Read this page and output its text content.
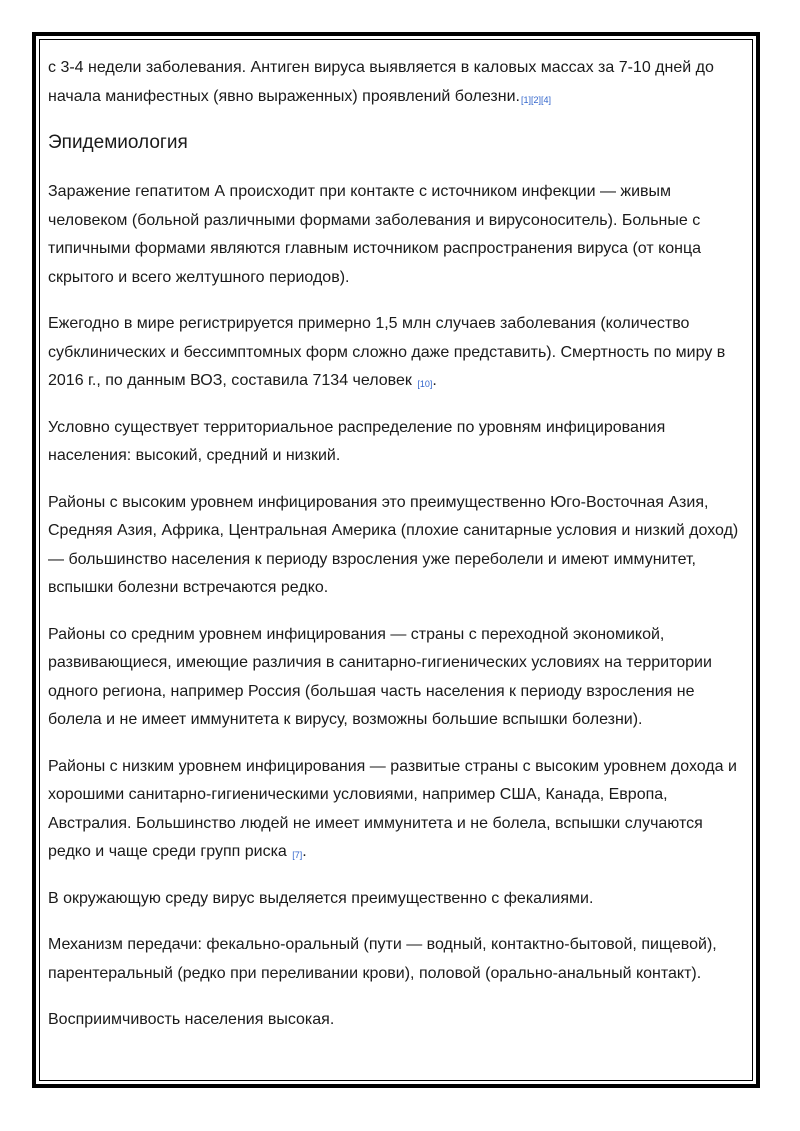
с 3-4 недели заболевания. Антиген вируса выявляется в каловых массах за 7-10 дней до начала манифестных (явно выраженных) проявлений болезни.[1][2][4]

Эпидемиология

Заражение гепатитом А происходит при контакте с источником инфекции — живым человеком (больной различными формами заболевания и вирусоноситель). Больные с типичными формами являются главным источником распространения вируса (от конца скрытого и всего желтушного периодов).

Ежегодно в мире регистрируется примерно 1,5 млн случаев заболевания (количество субклинических и бессимптомных форм сложно даже представить). Смертность по миру в 2016 г., по данным ВОЗ, составила 7134 человек [10].

Условно существует территориальное распределение по уровням инфицирования населения: высокий, средний и низкий.

Районы с высоким уровнем инфицирования это преимущественно Юго-Восточная Азия, Средняя Азия, Африка, Центральная Америка (плохие санитарные условия и низкий доход) — большинство населения к периоду взросления уже переболели и имеют иммунитет, вспышки болезни встречаются редко.

Районы со средним уровнем инфицирования — страны с переходной экономикой, развивающиеся, имеющие различия в санитарно-гигиенических условиях на территории одного региона, например Россия (большая часть населения к периоду взросления не болела и не имеет иммунитета к вирусу, возможны большие вспышки болезни).

Районы с низким уровнем инфицирования — развитые страны с высоким уровнем дохода и хорошими санитарно-гигиеническими условиями, например США, Канада, Европа, Австралия. Большинство людей не имеет иммунитета и не болела, вспышки случаются редко и чаще среди групп риска [7].

В окружающую среду вирус выделяется преимущественно с фекалиями.

Механизм передачи: фекально-оральный (пути — водный, контактно-бытовой, пищевой), парентеральный (редко при переливании крови), половой (орально-анальный контакт).

Восприимчивость населения высокая.
